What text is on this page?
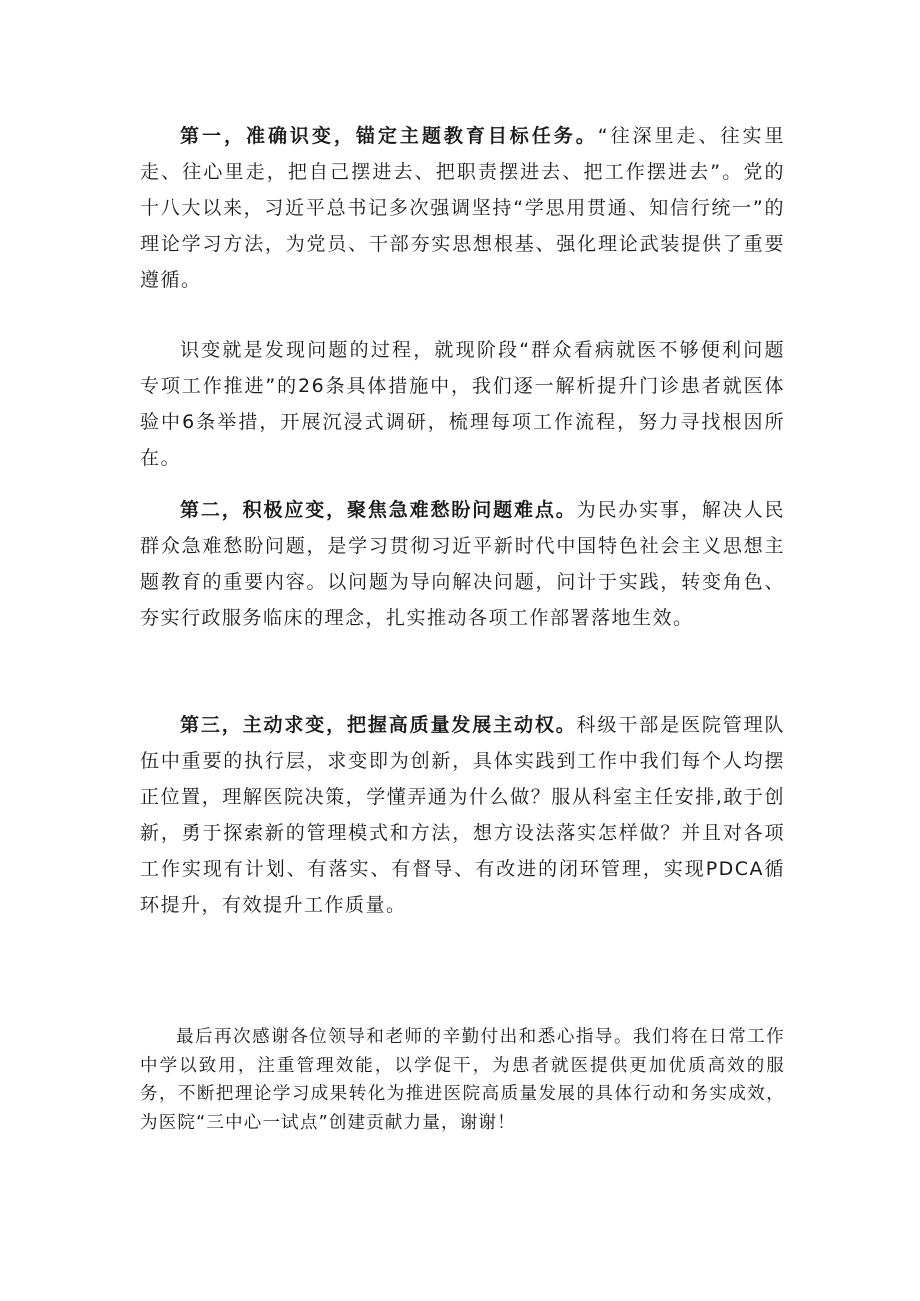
第一，准确识变，锚定主题教育目标任务。“往深里走、往实里走、往心里走，把自己摆进去、把职责摆进去、把工作摆进去”。党的十八大以来，习近平总书记多次强调坚持“学思用贯通、知信行统一”的理论学习方法，为党员、干部夯实思想根基、强化理论武装提供了重要遵循。

识变就是发现问题的过程，就现阶段“群众看病就医不够便利问题专项工作推进”的26条具体措施中，我们逐一解析提升门诊患者就医体验中6条举措，开展沉浸式调研，梳理每项工作流程，努力寻找根因所在。

第二，积极应变，聚焦急难愁盼问题难点。为民办实事，解决人民群众急难愁盼问题，是学习贯彻习近平新时代中国特色社会主义思想主题教育的重要内容。以问题为导向解决问题，问计于实践，转变角色、夯实行政服务临床的理念，扎实推动各项工作部署落地生效。

第三，主动求变，把握高质量发展主动权。科级干部是医院管理队伍中重要的执行层，求变即为创新，具体实践到工作中我们每个人均摆正位置，理解医院决策，学懂弄通为什么做？服从科室主任安排,敢于创新，勇于探索新的管理模式和方法，想方设法落实怎样做？并且对各项工作实现有计划、有落实、有督导、有改进的闭环管理，实现PDCA循环提升，有效提升工作质量。

最后再次感谢各位领导和老师的辛勤付出和悉心指导。我们将在日常工作中学以致用，注重管理效能，以学促干，为患者就医提供更加优质高效的服务，不断把理论学习成果转化为推进医院高质量发展的具体行动和务实成效，为医院“三中心一试点”创建贡献力量，谢谢！
